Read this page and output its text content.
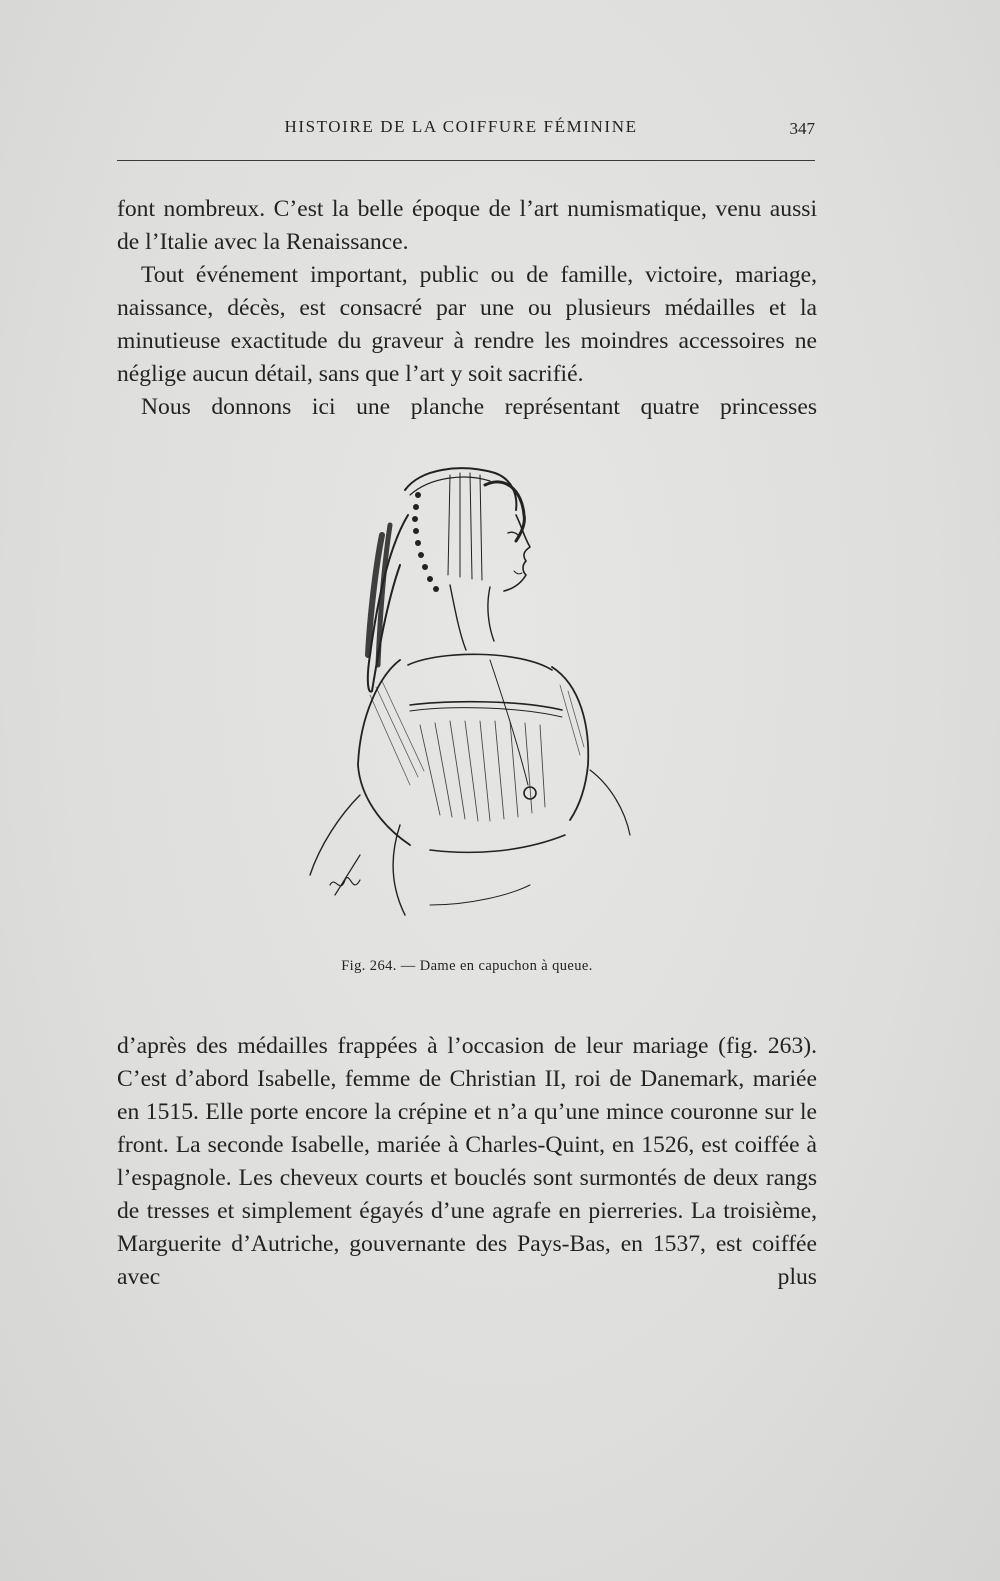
HISTOIRE DE LA COIFFURE FÉMININE	347

font nombreux. C’est la belle époque de l’art numismatique, venu aussi de l’Italie avec la Renaissance.

Tout événement important, public ou de famille, victoire, mariage, naissance, décès, est consacré par une ou plusieurs médailles et la minutieuse exactitude du graveur à rendre les moindres accessoires ne néglige aucun détail, sans que l’art y soit sacrifié.

Nous donnons ici une planche représentant quatre princesses

Fig. 264. — Dame en capuchon à queue.

d’après des médailles frappées à l’occasion de leur mariage (fig. 263). C’est d’abord Isabelle, femme de Christian II, roi de Danemark, mariée en 1515. Elle porte encore la crépine et n’a qu’une mince couronne sur le front. La seconde Isabelle, mariée à Charles-Quint, en 1526, est coiffée à l’espagnole. Les cheveux courts et bouclés sont surmontés de deux rangs de tresses et simplement égayés d’une agrafe en pierreries. La troisième, Marguerite d’Autriche, gouvernante des Pays-Bas, en 1537, est coiffée avec plus
